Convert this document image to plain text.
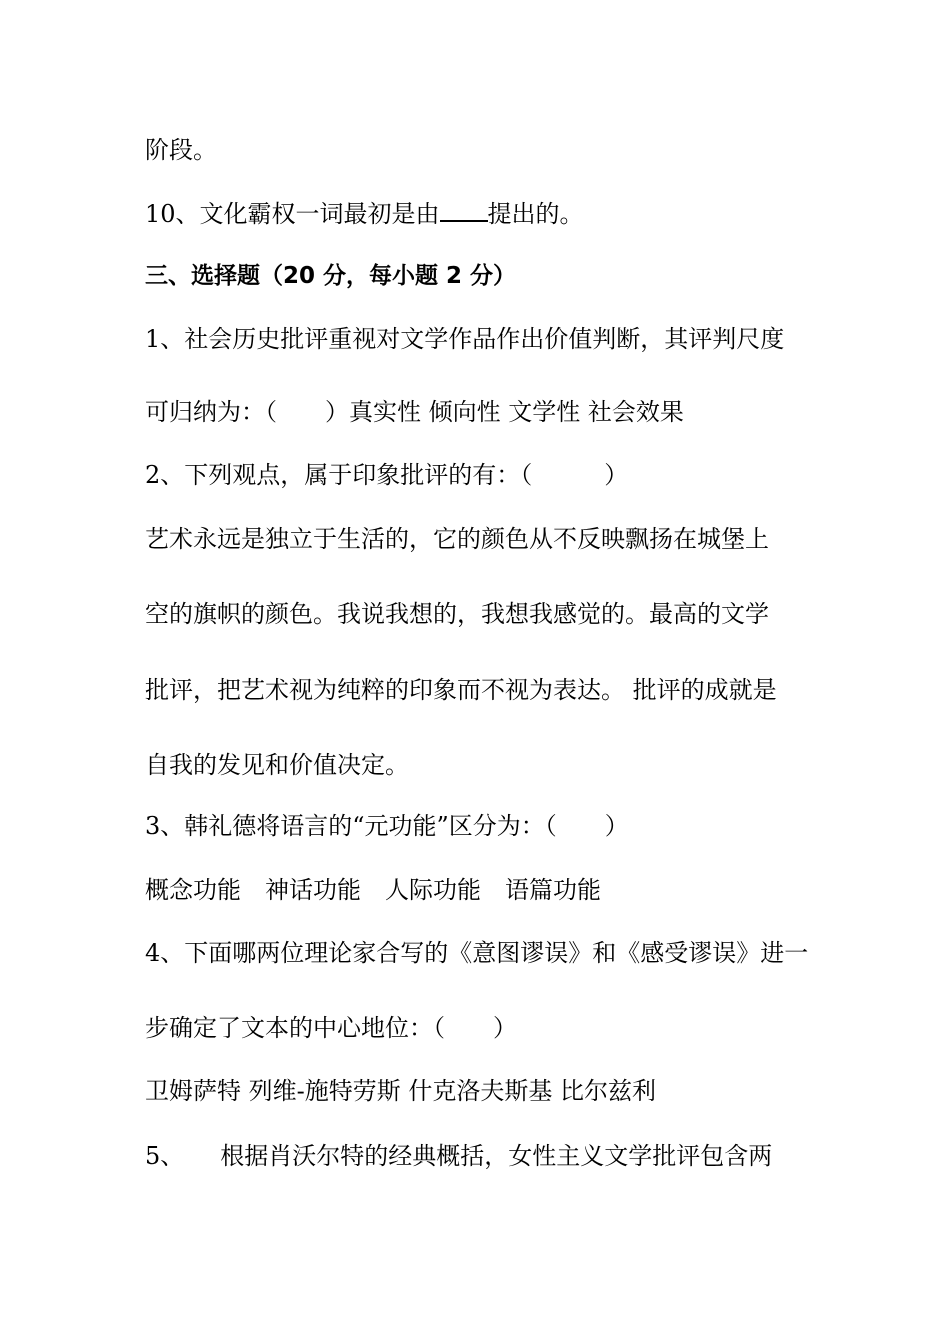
阶段。
10、文化霸权一词最初是由 提出的。
三、选择题（20 分，每小题 2 分）
1、社会历史批评重视对文学作品作出价值判断，其评判尺度
可归纳为：（　　）真实性 倾向性 文学性 社会效果
2、下列观点，属于印象批评的有：（　　　）
艺术永远是独立于生活的，它的颜色从不反映飘扬在城堡上
空的旗帜的颜色。我说我想的，我想我感觉的。最高的文学
批评，把艺术视为纯粹的印象而不视为表达。 批评的成就是
自我的发见和价值决定。
3、韩礼德将语言的“元功能”区分为：（　　）
概念功能　神话功能　人际功能　语篇功能
4、下面哪两位理论家合写的《意图谬误》和《感受谬误》进一
步确定了文本的中心地位：（　　）
卫姆萨特 列维-施特劳斯 什克洛夫斯基 比尔兹利
5、　　根据肖沃尔特的经典概括，女性主义文学批评包含两
